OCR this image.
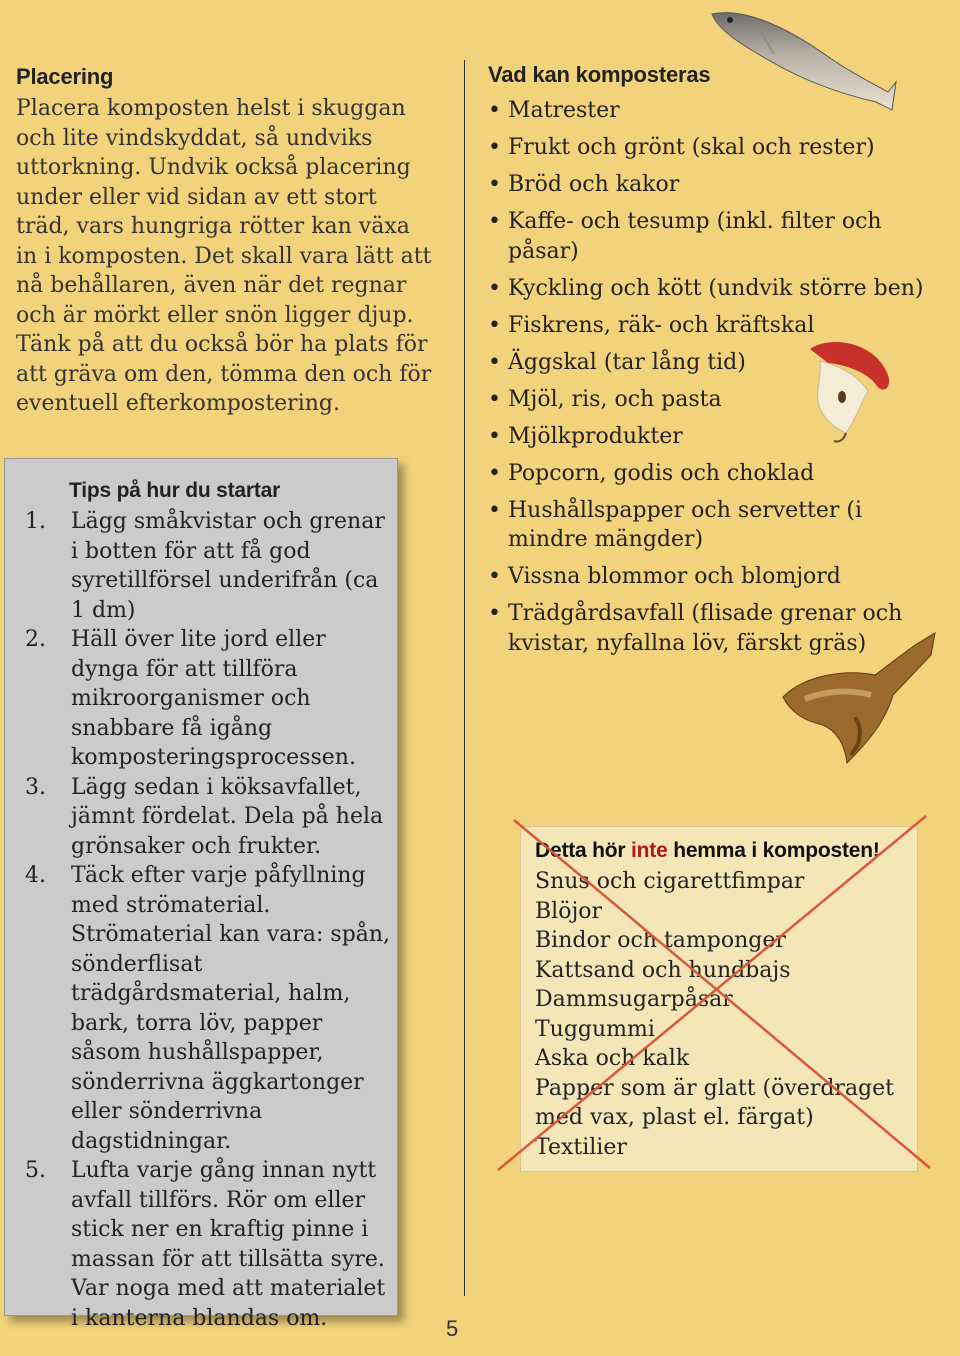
Placering

Placera komposten helst i skuggan och lite vindskyddat, så undviks uttorkning. Undvik också placering under eller vid sidan av ett stort träd, vars hungriga rötter kan växa in i komposten. Det skall vara lätt att nå behållaren, även när det regnar och är mörkt eller snön ligger djup. Tänk på att du också bör ha plats för att gräva om den, tömma den och för eventuell efterkompostering.

Tips på hur du startar
1.	Lägg småkvistar och grenar i botten för att få god syretillförsel underifrån (ca 1 dm)
2.	Häll över lite jord eller dynga för att tillföra mikroorganismer och snabbare få igång komposteringsprocessen.
3.	Lägg sedan i köksavfallet, jämnt fördelat. Dela på hela grönsaker och frukter.
4.	Täck efter varje påfyllning med strömaterial. Strömaterial kan vara: spån, sönderflisat trädgårdsmaterial, halm, bark, torra löv, papper såsom hushållspapper, sönderrivna äggkartonger eller sönderrivna dagstidningar.
5.	Lufta varje gång innan nytt avfall tillförs. Rör om eller stick ner en kraftig pinne i massan för att tillsätta syre. Var noga med att materialet i kanterna blandas om.	5
Vad kan komposteras
• Matrester
• Frukt och grönt (skal och rester)
• Bröd och kakor
• Kaffe- och tesump (inkl. filter och påsar)
• Kyckling och kött (undvik större ben)
• Fiskrens, räk- och kräftskal
• Äggskal (tar lång tid)
• Mjöl, ris, och pasta
• Mjölkprodukter
• Popcorn, godis och choklad
• Hushållspapper och servetter (i mindre mängder)
• Vissna blommor och blomjord
• Trädgårdsavfall (flisade grenar och kvistar, nyfallna löv, färskt gräs)
Detta hör inte hemma i komposten!
Snus och cigarettfimpar
Blöjor
Bindor och tamponger
Kattsand och hundbajs
Dammsugarpåsar
Tuggummi
Aska och kalk
Papper som är glatt (överdraget med vax, plast el. färgat)
Textilier
